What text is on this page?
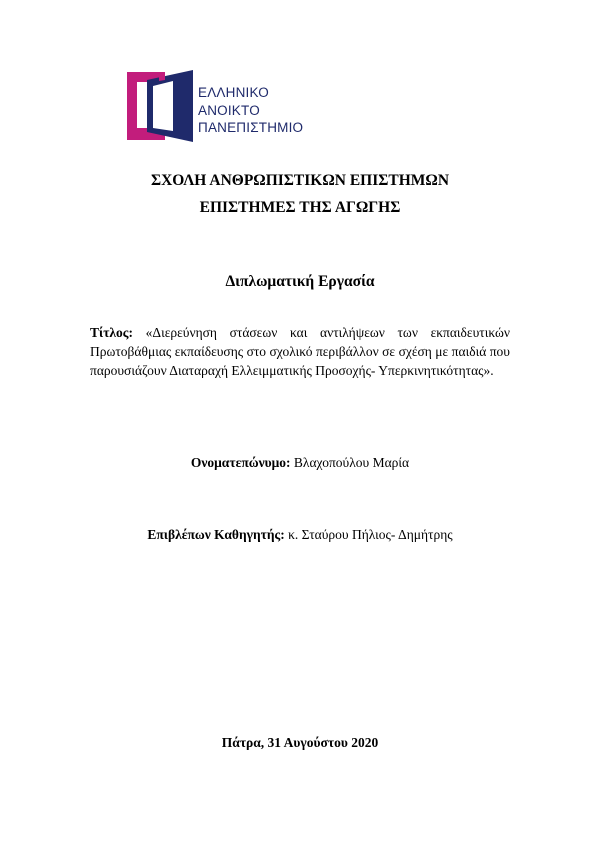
ΕΛΛΗΝΙΚΟ
ΑΝΟΙΚΤΟ
ΠΑΝΕΠΙΣΤΗΜΙΟ
ΣΧΟΛΗ ΑΝΘΡΩΠΙΣΤΙΚΩΝ ΕΠΙΣΤΗΜΩΝ
ΕΠΙΣΤΗΜΕΣ ΤΗΣ ΑΓΩΓΗΣ
Διπλωματική Εργασία
Τίτλος: «Διερεύνηση στάσεων και αντιλήψεων των εκπαιδευτικών Πρωτοβάθμιας εκπαίδευσης στο σχολικό περιβάλλον σε σχέση με παιδιά που παρουσιάζουν Διαταραχή Ελλειμματικής Προσοχής- Υπερκινητικότητας».
Ονοματεπώνυμο: Βλαχοπούλου Μαρία
Επιβλέπων Καθηγητής: κ. Σταύρου Πήλιος- Δημήτρης
Πάτρα, 31 Αυγούστου 2020
